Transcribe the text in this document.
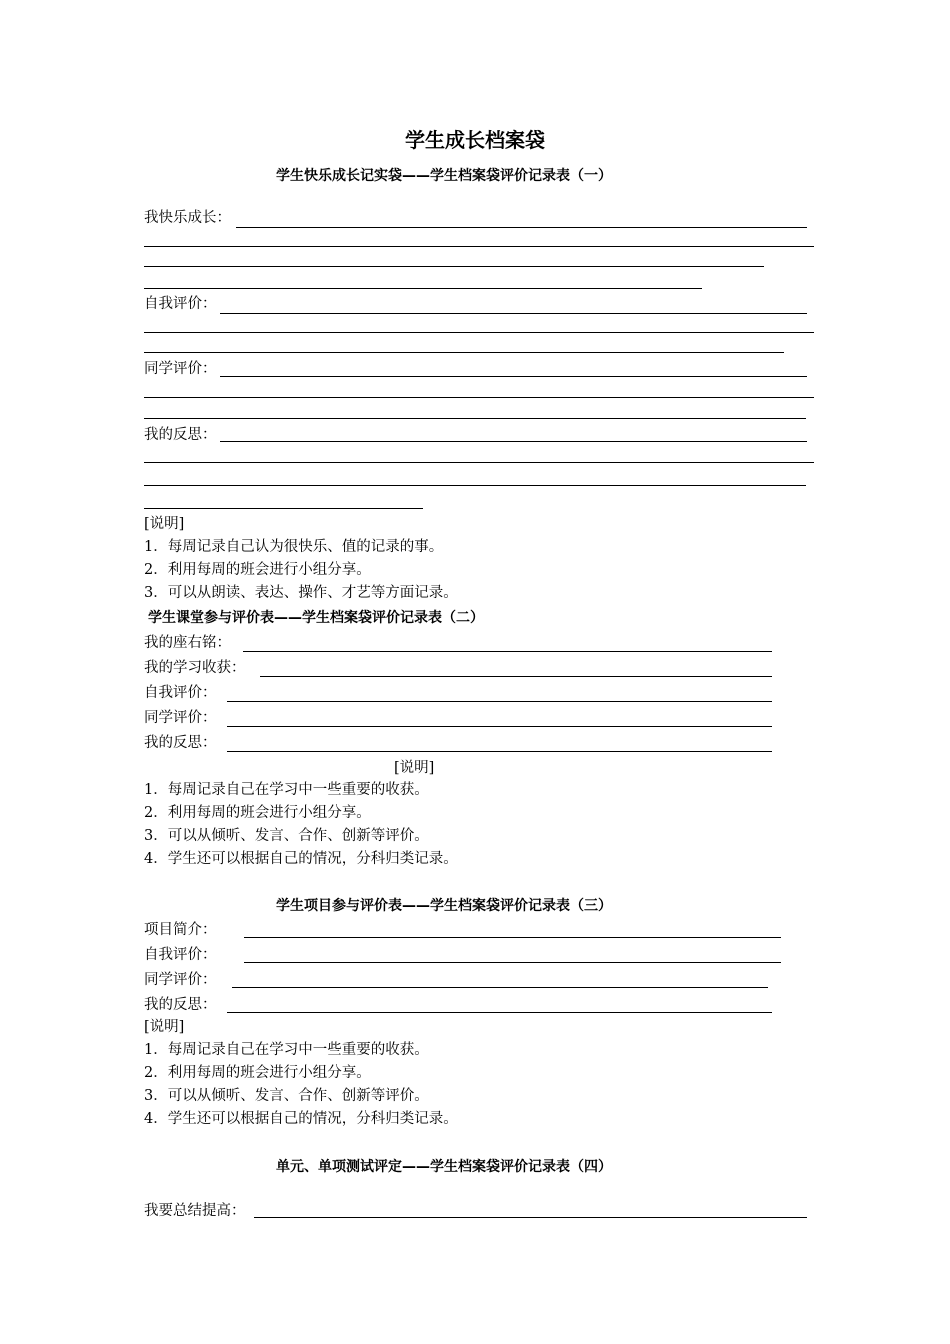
学生成长档案袋
学生快乐成长记实袋——学生档案袋评价记录表（一）
我快乐成长：
自我评价：
同学评价：
我的反思：
[说明]
1．每周记录自己认为很快乐、值的记录的事。
2．利用每周的班会进行小组分享。
3．可以从朗读、表达、操作、才艺等方面记录。
学生课堂参与评价表——学生档案袋评价记录表（二）
我的座右铭：
我的学习收获：
自我评价：
同学评价：
我的反思：
[说明]
1．每周记录自己在学习中一些重要的收获。
2．利用每周的班会进行小组分享。
3．可以从倾听、发言、合作、创新等评价。
4．学生还可以根据自己的情况，分科归类记录。
学生项目参与评价表——学生档案袋评价记录表（三）
项目简介：
自我评价：
同学评价：
我的反思：
[说明]
1．每周记录自己在学习中一些重要的收获。
2．利用每周的班会进行小组分享。
3．可以从倾听、发言、合作、创新等评价。
4．学生还可以根据自己的情况，分科归类记录。
单元、单项测试评定——学生档案袋评价记录表（四）
我要总结提高：
